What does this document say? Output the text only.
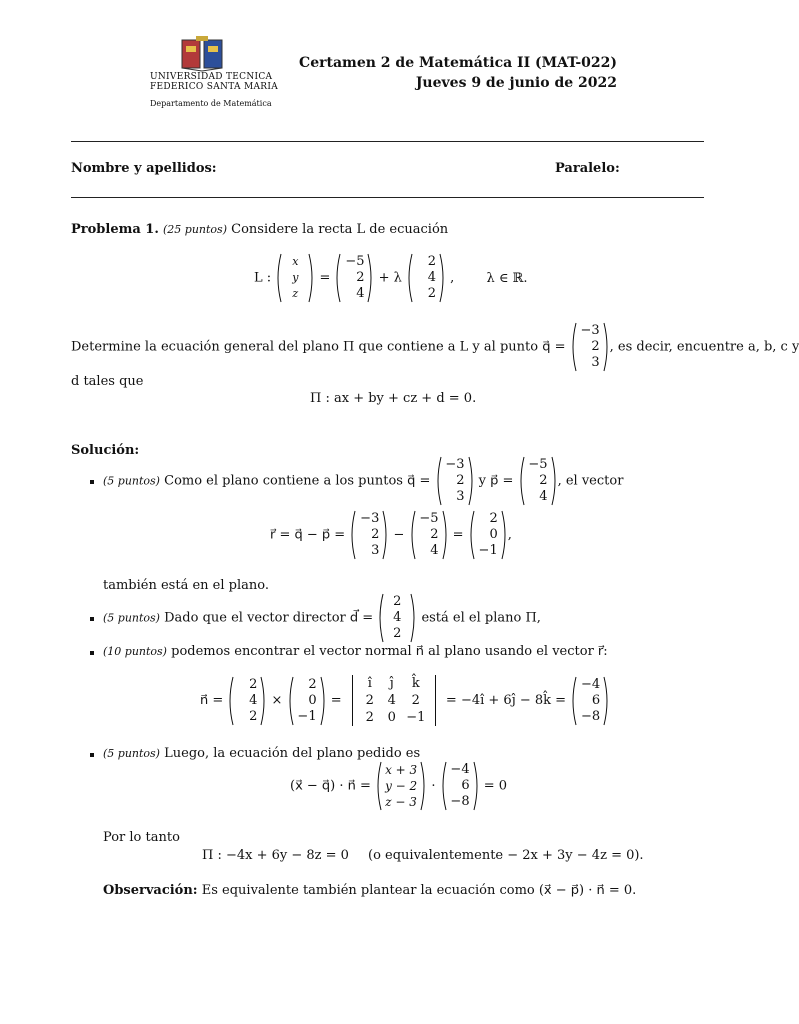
UNIVERSIDAD TECNICA
FEDERICO SANTA MARIA
Departamento de Matemática
Certamen 2 de Matemática II (MAT-022)
Jueves 9 de junio de 2022
Nombre y apellidos:	Paralelo:
Problema 1. (25 puntos) Considere la recta L de ecuación
L :
x
y
z
=
−5
2
4
+ λ
2
4
2
, λ ∈ ℝ.
Determine la ecuación general del plano Π que contiene a L y al punto q⃗ =
−3
2
3
, es decir, encuentre a, b, c y
d tales que
Π : ax + by + cz + d = 0.
Solución:
(5 puntos) Como el plano contiene a los puntos q⃗ =
−3
2
3
y p⃗ =
−5
2
4
, el vector
r⃗ = q⃗ − p⃗ =
−3
2
3
−
−5
2
4
=
2
0
−1
,
también está en el plano.
(5 puntos) Dado que el vector director d⃗ =
2
4
2
está el el plano Π,
(10 puntos) podemos encontrar el vector normal n⃗ al plano usando el vector r⃗:
n⃗ =
2
4
2
×
2
0
−1
=
î	ĵ	k̂
2	4	2
2	0 −1
= −4î + 6ĵ − 8k̂ =
−4
6
−8
(5 puntos) Luego, la ecuación del plano pedido es
(x⃗ − q⃗) · n⃗ =
x + 3
y − 2
z − 3
·
−4
6
−8
= 0
Por lo tanto
Π : −4x + 6y − 8z = 0 (o equivalentemente − 2x + 3y − 4z = 0).
Observación: Es equivalente también plantear la ecuación como (x⃗ − p⃗) · n⃗ = 0.
